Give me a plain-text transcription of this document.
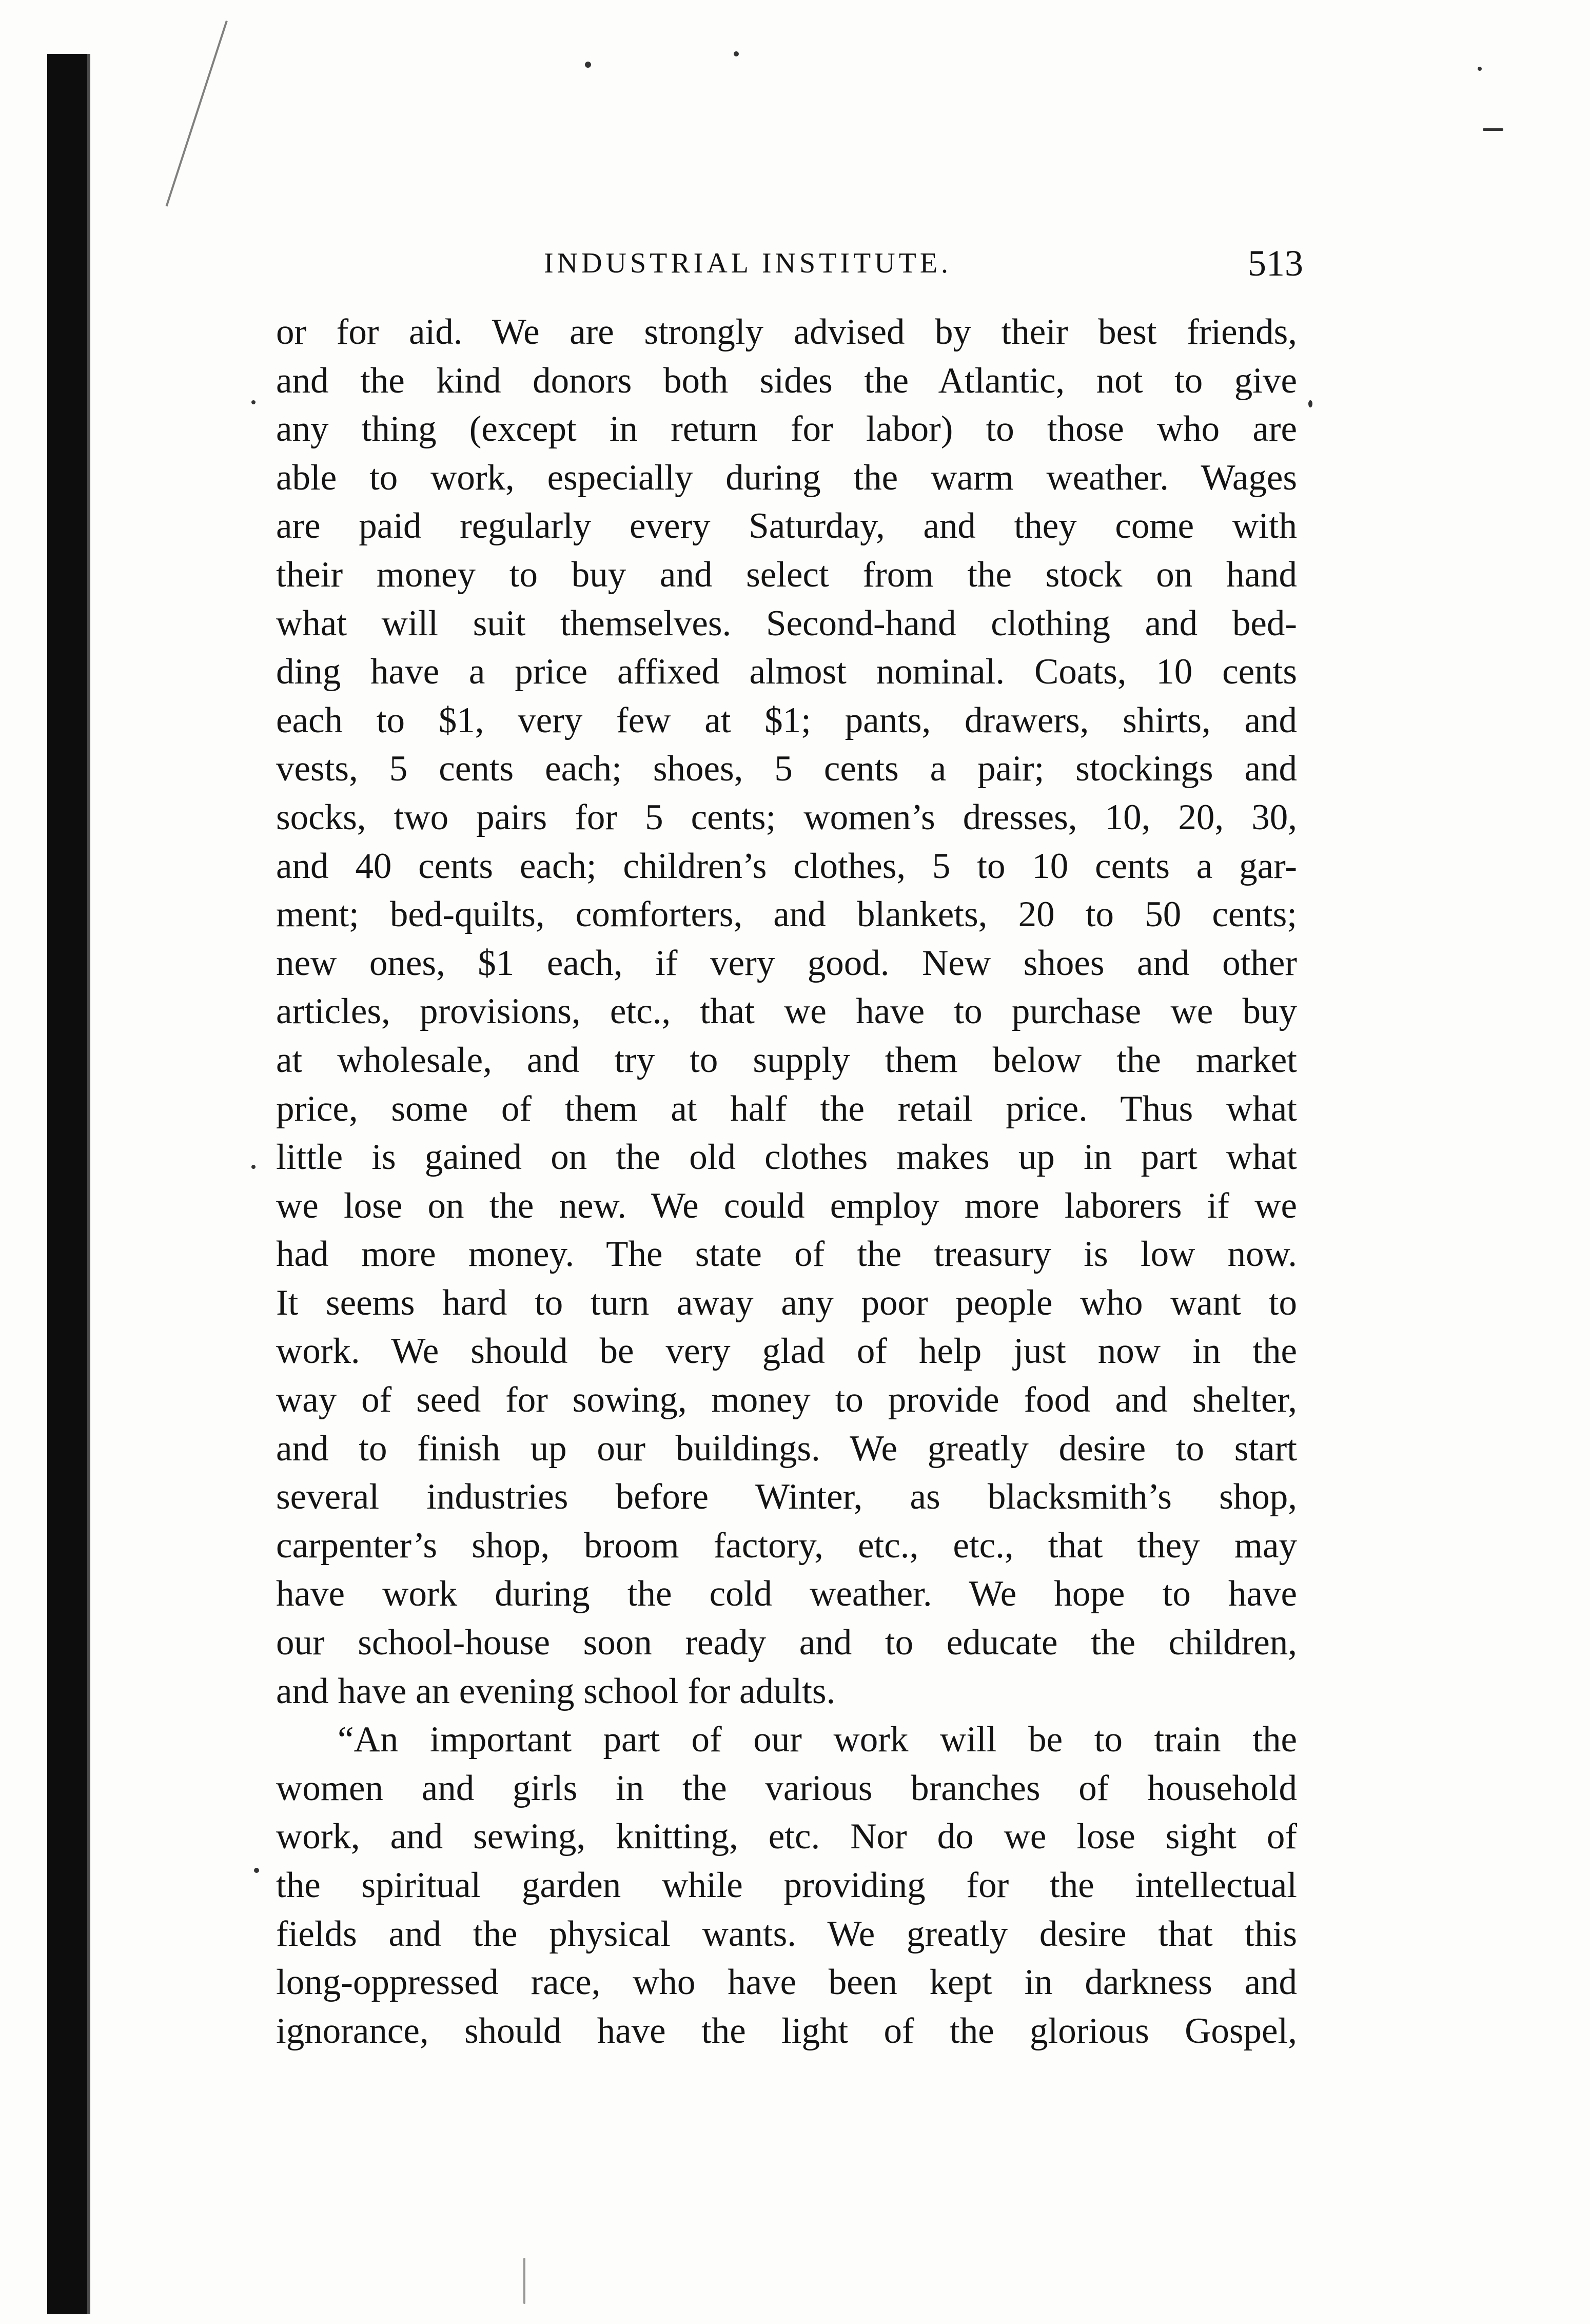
INDUSTRIAL INSTITUTE.	513
or for aid. We are strongly advised by their best friends,
and the kind donors both sides the Atlantic, not to give
any thing (except in return for labor) to those who are
able to work, especially during the warm weather. Wages
are paid regularly every Saturday, and they come with
their money to buy and select from the stock on hand
what will suit themselves. Second-hand clothing and bed-
ding have a price affixed almost nominal. Coats, 10 cents
each to $1, very few at $1; pants, drawers, shirts, and
vests, 5 cents each; shoes, 5 cents a pair; stockings and
socks, two pairs for 5 cents; women’s dresses, 10, 20, 30,
and 40 cents each; children’s clothes, 5 to 10 cents a gar-
ment; bed-quilts, comforters, and blankets, 20 to 50 cents;
new ones, $1 each, if very good. New shoes and other
articles, provisions, etc., that we have to purchase we buy
at wholesale, and try to supply them below the market
price, some of them at half the retail price. Thus what
little is gained on the old clothes makes up in part what
we lose on the new. We could employ more laborers if we
had more money. The state of the treasury is low now.
It seems hard to turn away any poor people who want to
work. We should be very glad of help just now in the
way of seed for sowing, money to provide food and shelter,
and to finish up our buildings. We greatly desire to start
several industries before Winter, as blacksmith’s shop,
carpenter’s shop, broom factory, etc., etc., that they may
have work during the cold weather. We hope to have
our school-house soon ready and to educate the children,
and have an evening school for adults.
“An important part of our work will be to train the
women and girls in the various branches of household
work, and sewing, knitting, etc. Nor do we lose sight of
the spiritual garden while providing for the intellectual
fields and the physical wants. We greatly desire that this
long-oppressed race, who have been kept in darkness and
ignorance, should have the light of the glorious Gospel,
